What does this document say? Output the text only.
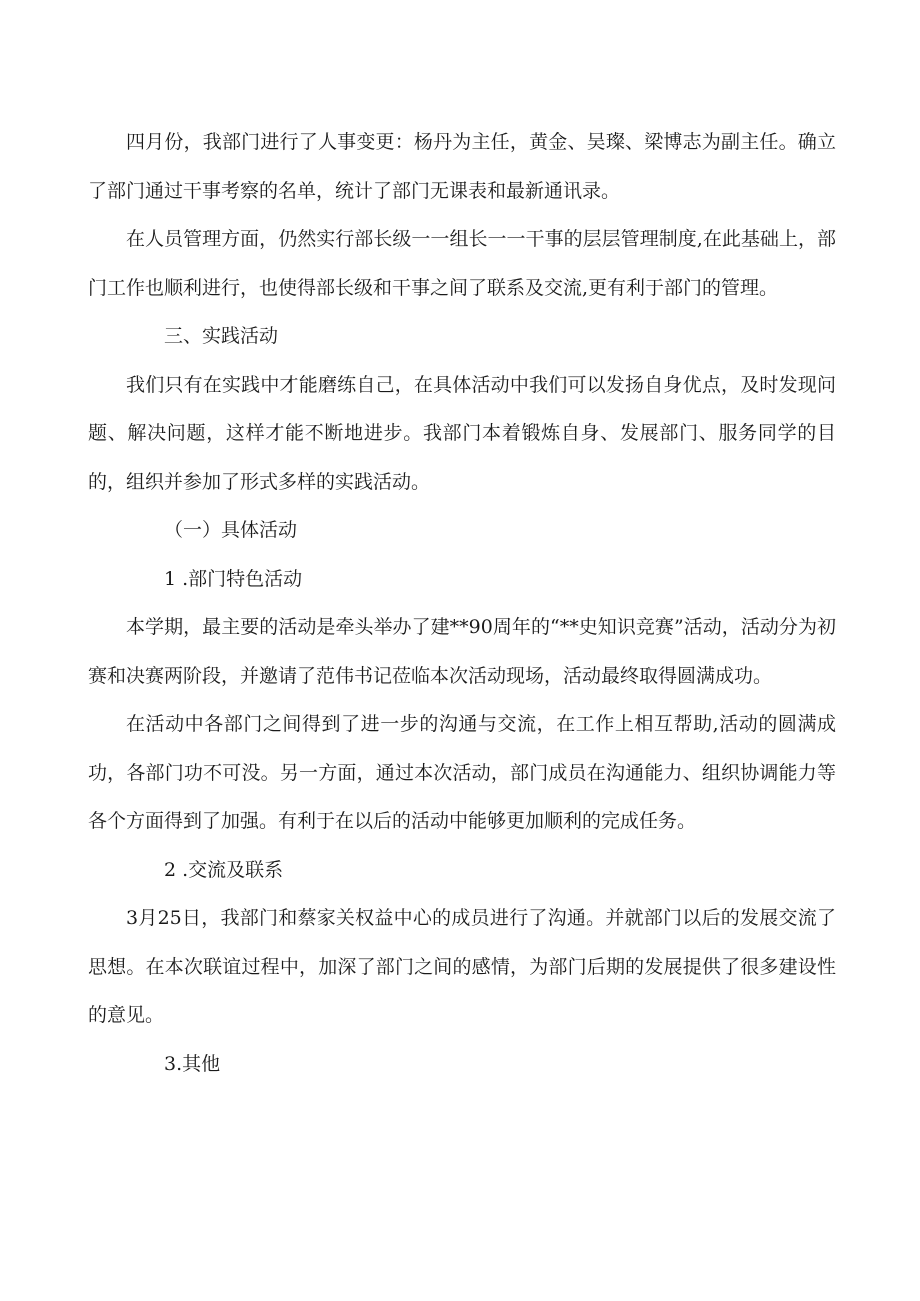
四月份，我部门进行了人事变更：杨丹为主任，黄金、吴璨、梁博志为副主任。确立了部门通过干事考察的名单，统计了部门无课表和最新通讯录。

在人员管理方面，仍然实行部长级一一组长一一干事的层层管理制度,在此基础上，部门工作也顺利进行，也使得部长级和干事之间了联系及交流,更有利于部门的管理。

三、实践活动

我们只有在实践中才能磨练自己，在具体活动中我们可以发扬自身优点，及时发现问题、解决问题，这样才能不断地进步。我部门本着锻炼自身、发展部门、服务同学的目的，组织并参加了形式多样的实践活动。

（一）具体活动

1 .部门特色活动

本学期，最主要的活动是牵头举办了建**90周年的“**史知识竞赛”活动，活动分为初赛和决赛两阶段，并邀请了范伟书记莅临本次活动现场，活动最终取得圆满成功。

在活动中各部门之间得到了进一步的沟通与交流，在工作上相互帮助,活动的圆满成功，各部门功不可没。另一方面，通过本次活动，部门成员在沟通能力、组织协调能力等各个方面得到了加强。有利于在以后的活动中能够更加顺利的完成任务。

2 .交流及联系

3月25日，我部门和蔡家关权益中心的成员进行了沟通。并就部门以后的发展交流了思想。在本次联谊过程中，加深了部门之间的感情，为部门后期的发展提供了很多建设性的意见。

3.其他
